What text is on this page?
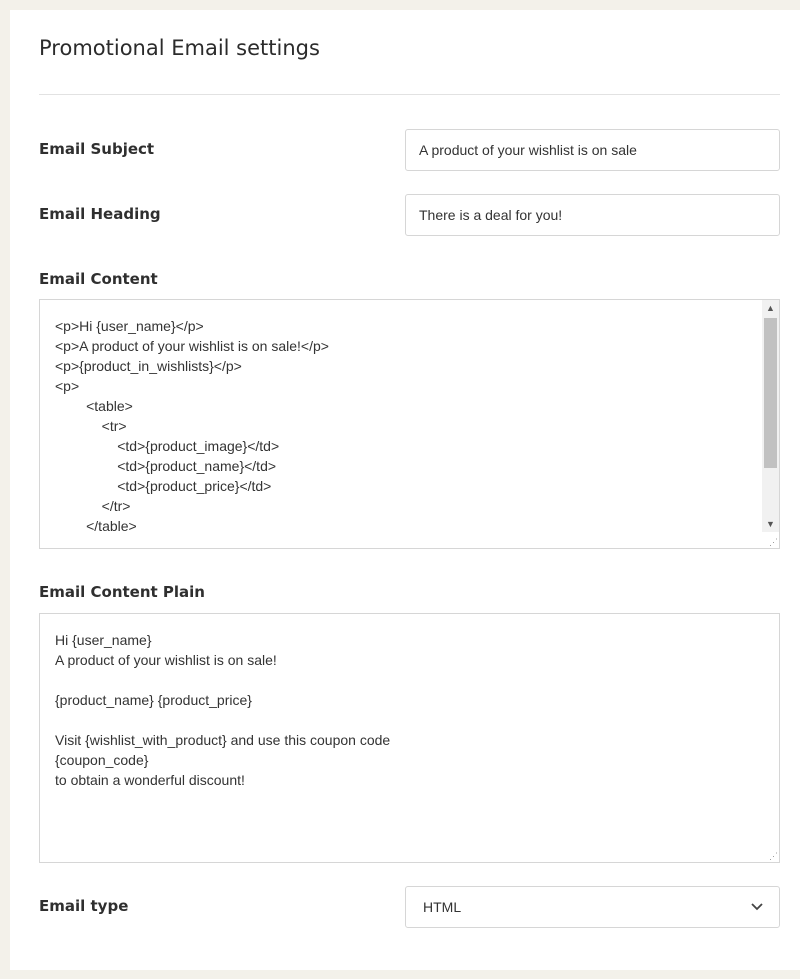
Promotional Email settings
Email Subject
A product of your wishlist is on sale
Email Heading
There is a deal for you!
Email Content
<p>Hi {user_name}</p>
<p>A product of your wishlist is on sale!</p>
<p>{product_in_wishlists}</p>
<p>
<table>
<tr>
<td>{product_image}</td>
<td>{product_name}</td>
<td>{product_price}</td>
</tr>
</table>
▲
▼
⋰
Email Content Plain
Hi {user_name}
A product of your wishlist is on sale!

{product_name} {product_price}

Visit {wishlist_with_product} and use this coupon code
{coupon_code}
to obtain a wonderful discount!
⋰
Email type	HTML
